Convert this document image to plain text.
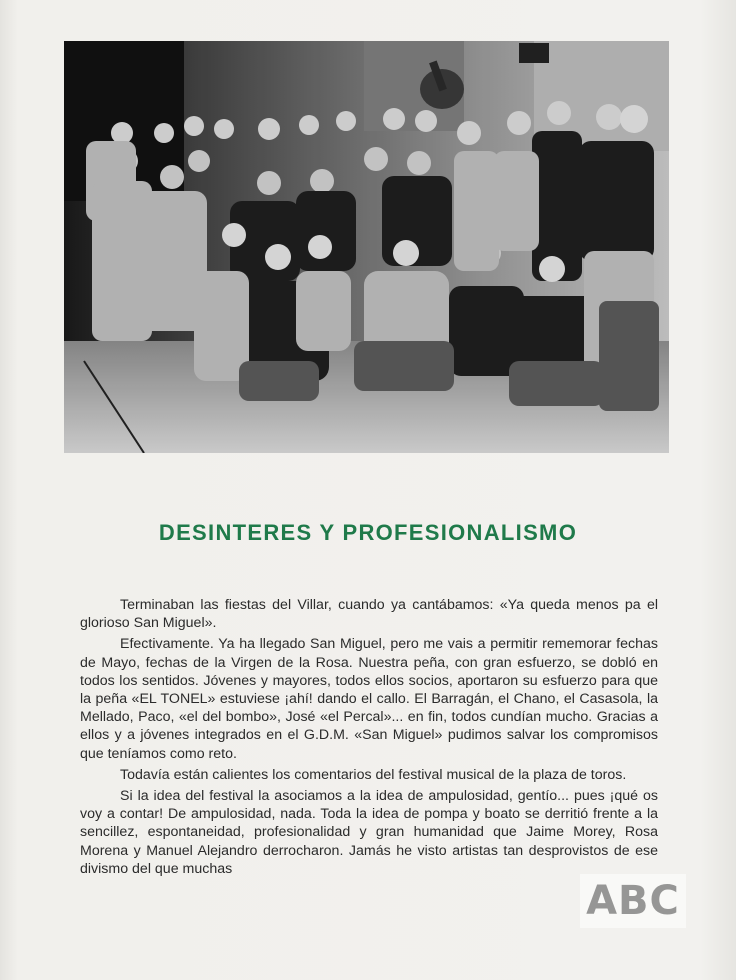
DESINTERES Y PROFESIONALISMO

Terminaban las fiestas del Villar, cuando ya cantábamos: «Ya queda menos pa el glorioso San Miguel».

Efectivamente. Ya ha llegado San Miguel, pero me vais a permitir rememorar fechas de Mayo, fechas de la Virgen de la Rosa. Nuestra peña, con gran esfuerzo, se dobló en todos los sentidos. Jóvenes y mayores, todos ellos socios, aportaron su esfuerzo para que la peña «EL TONEL» estuviese ¡ahí! dando el callo. El Barragán, el Chano, el Casasola, la Mellado, Paco, «el del bombo», José «el Percal»... en fin, todos cundían mucho. Gracias a ellos y a jóvenes integrados en el G.D.M. «San Miguel» pudimos salvar los compromisos que teníamos como reto.

Todavía están calientes los comentarios del festival musical de la plaza de toros.

Si la idea del festival la asociamos a la idea de ampulosidad, gentío... pues ¡qué os voy a contar! De ampulosidad, nada. Toda la idea de pompa y boato se derritió frente a la sencillez, espontaneidad, profesionalidad y gran humanidad que Jaime Morey, Rosa Morena y Manuel Alejandro derrocharon. Jamás he visto artistas tan desprovistos de ese divismo del que muchas

ABC
